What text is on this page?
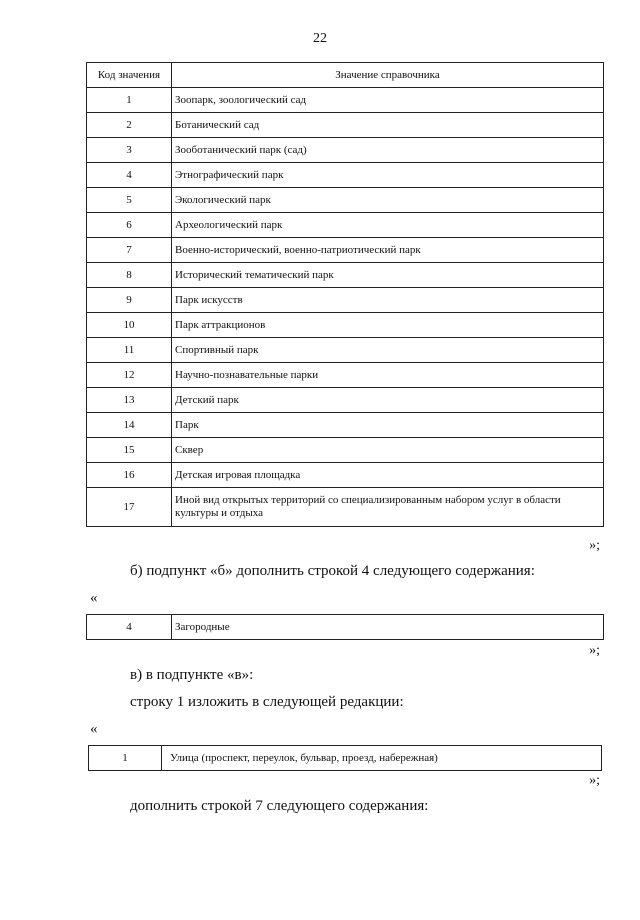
22
Код значения	Значение справочника
1	Зоопарк, зоологический сад
2	Ботанический сад
3	Зооботанический парк (сад)
4	Этнографический парк
5	Экологический парк
6	Археологический парк
7	Военно-исторический, военно-патриотический парк
8	Исторический тематический парк
9	Парк искусств
10	Парк аттракционов
11	Спортивный парк
12	Научно-познавательные парки
13	Детский парк
14	Парк
15	Сквер
16	Детская игровая площадка
17	Иной вид открытых территорий со специализированным набором услуг в области культуры и отдыха
»;
б) подпункт «б» дополнить строкой 4 следующего содержания:
«
4	Загородные
»;
в) в подпункте «в»:
строку 1 изложить в следующей редакции:
«
1	Улица (проспект, переулок, бульвар, проезд, набережная)
»;
дополнить строкой 7 следующего содержания:
